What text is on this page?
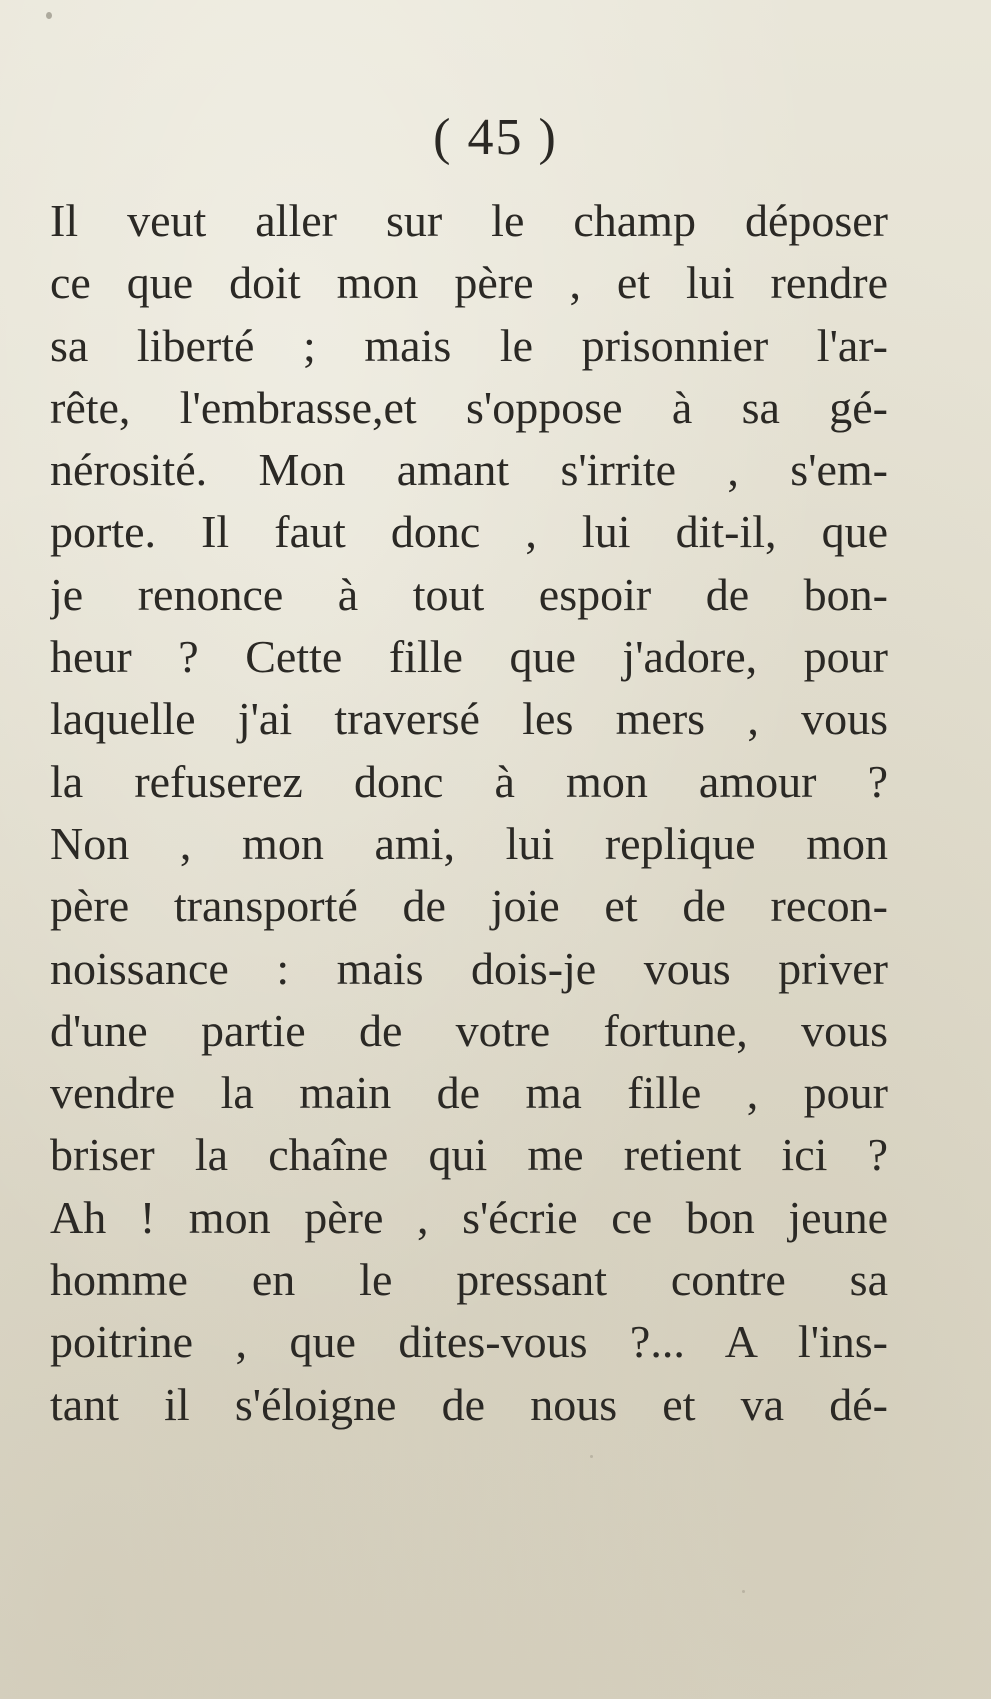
( 45 )
Il veut aller sur le champ déposer
ce que doit mon père , et lui rendre
sa liberté ; mais le prisonnier l'ar-
rête, l'embrasse,et s'oppose à sa gé-
nérosité. Mon amant s'irrite , s'em-
porte. Il faut donc , lui dit-il, que
je renonce à tout espoir de bon-
heur ? Cette fille que j'adore, pour
laquelle j'ai traversé les mers , vous
la refuserez donc à mon amour ?
Non , mon ami, lui replique mon
père transporté de joie et de recon-
noissance : mais dois-je vous priver
d'une partie de votre fortune, vous
vendre la main de ma fille , pour
briser la chaîne qui me retient ici ?
Ah ! mon père , s'écrie ce bon jeune
homme en le pressant contre sa
poitrine , que dites-vous ?... A l'ins-
tant il s'éloigne de nous et va dé-
